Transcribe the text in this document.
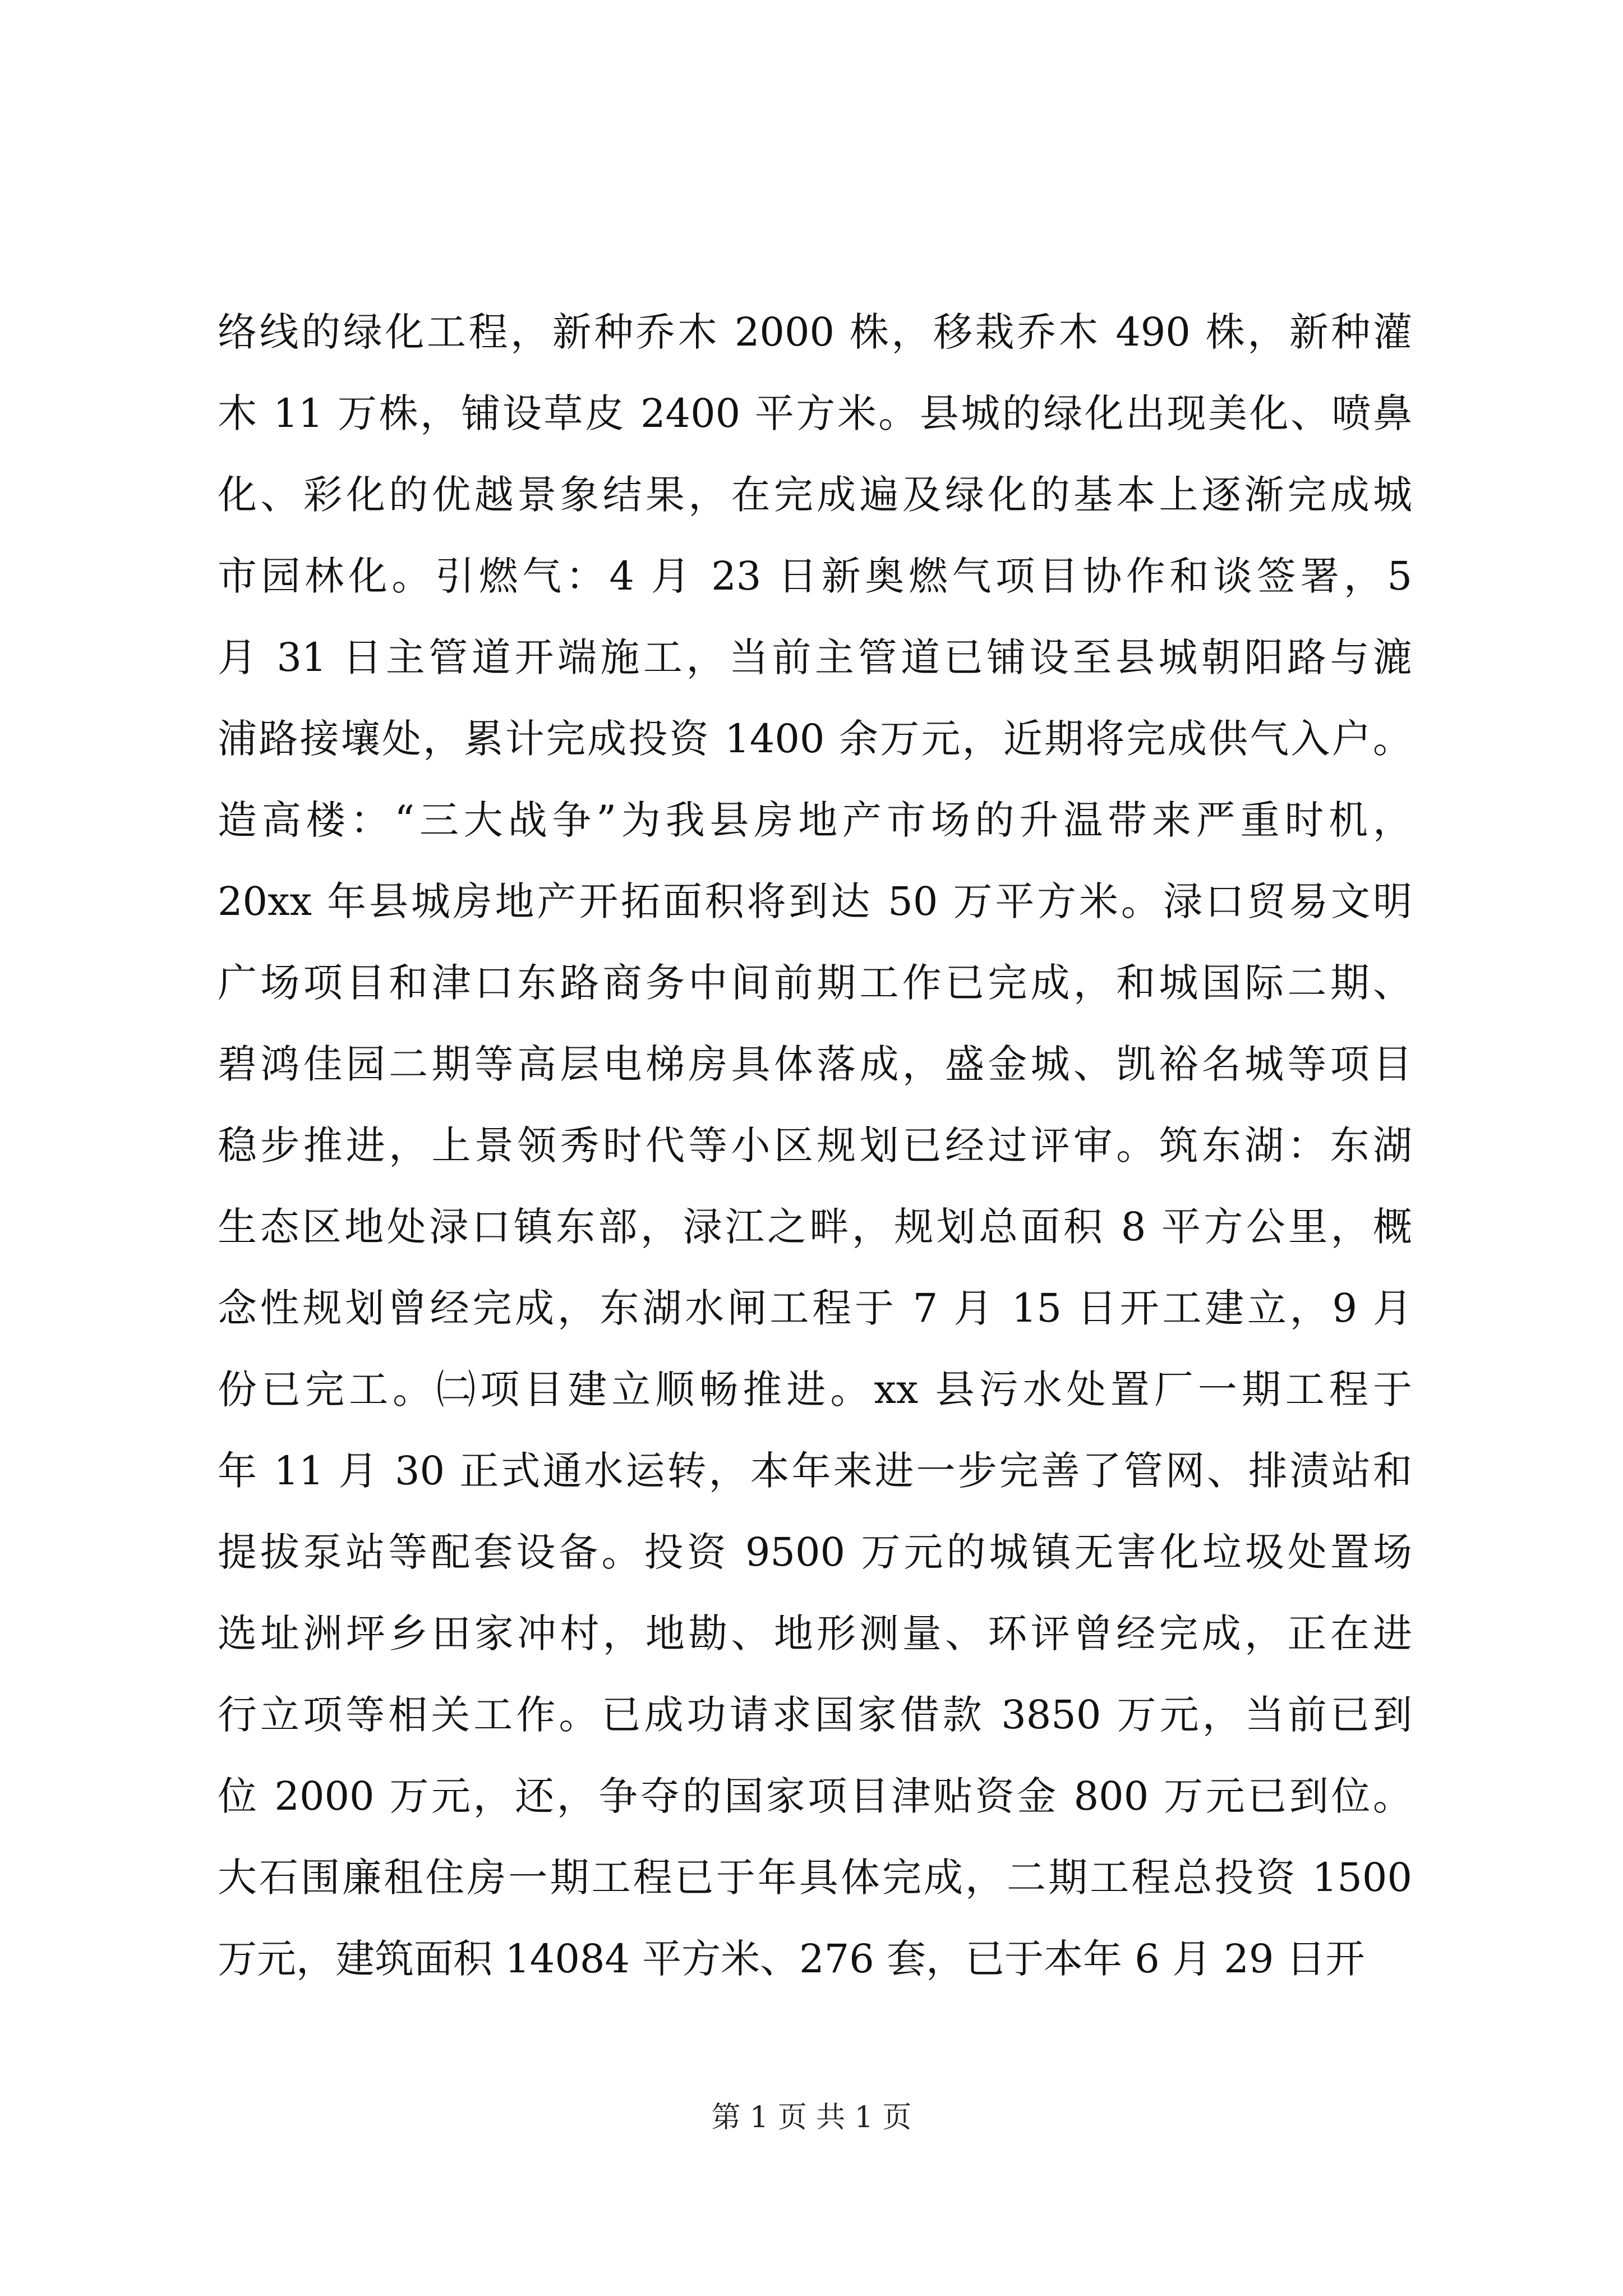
络线的绿化工程，新种乔木 2000 株，移栽乔木 490 株，新种灌
木 11 万株，铺设草皮 2400 平方米。县城的绿化出现美化、喷鼻
化、彩化的优越景象结果，在完成遍及绿化的基本上逐渐完成城
市园林化。引燃气：4 月 23 日新奥燃气项目协作和谈签署，5
月 31 日主管道开端施工，当前主管道已铺设至县城朝阳路与漉
浦路接壤处，累计完成投资 1400 余万元，近期将完成供气入户。
造高楼：“三大战争”为我县房地产市场的升温带来严重时机，
20xx 年县城房地产开拓面积将到达 50 万平方米。渌口贸易文明
广场项目和津口东路商务中间前期工作已完成，和城国际二期、
碧鸿佳园二期等高层电梯房具体落成，盛金城、凯裕名城等项目
稳步推进，上景领秀时代等小区规划已经过评审。筑东湖：东湖
生态区地处渌口镇东部，渌江之畔，规划总面积 8 平方公里，概
念性规划曾经完成，东湖水闸工程于 7 月 15 日开工建立，9 月
份已完工。㈡项目建立顺畅推进。xx 县污水处置厂一期工程于
年 11 月 30 正式通水运转，本年来进一步完善了管网、排渍站和
提拔泵站等配套设备。投资 9500 万元的城镇无害化垃圾处置场
选址洲坪乡田家冲村，地勘、地形测量、环评曾经完成，正在进
行立项等相关工作。已成功请求国家借款 3850 万元，当前已到
位 2000 万元，还，争夺的国家项目津贴资金 800 万元已到位。
大石围廉租住房一期工程已于年具体完成，二期工程总投资 1500
万元，建筑面积 14084 平方米、276 套，已于本年 6 月 29 日开
第 1 页 共 1 页
